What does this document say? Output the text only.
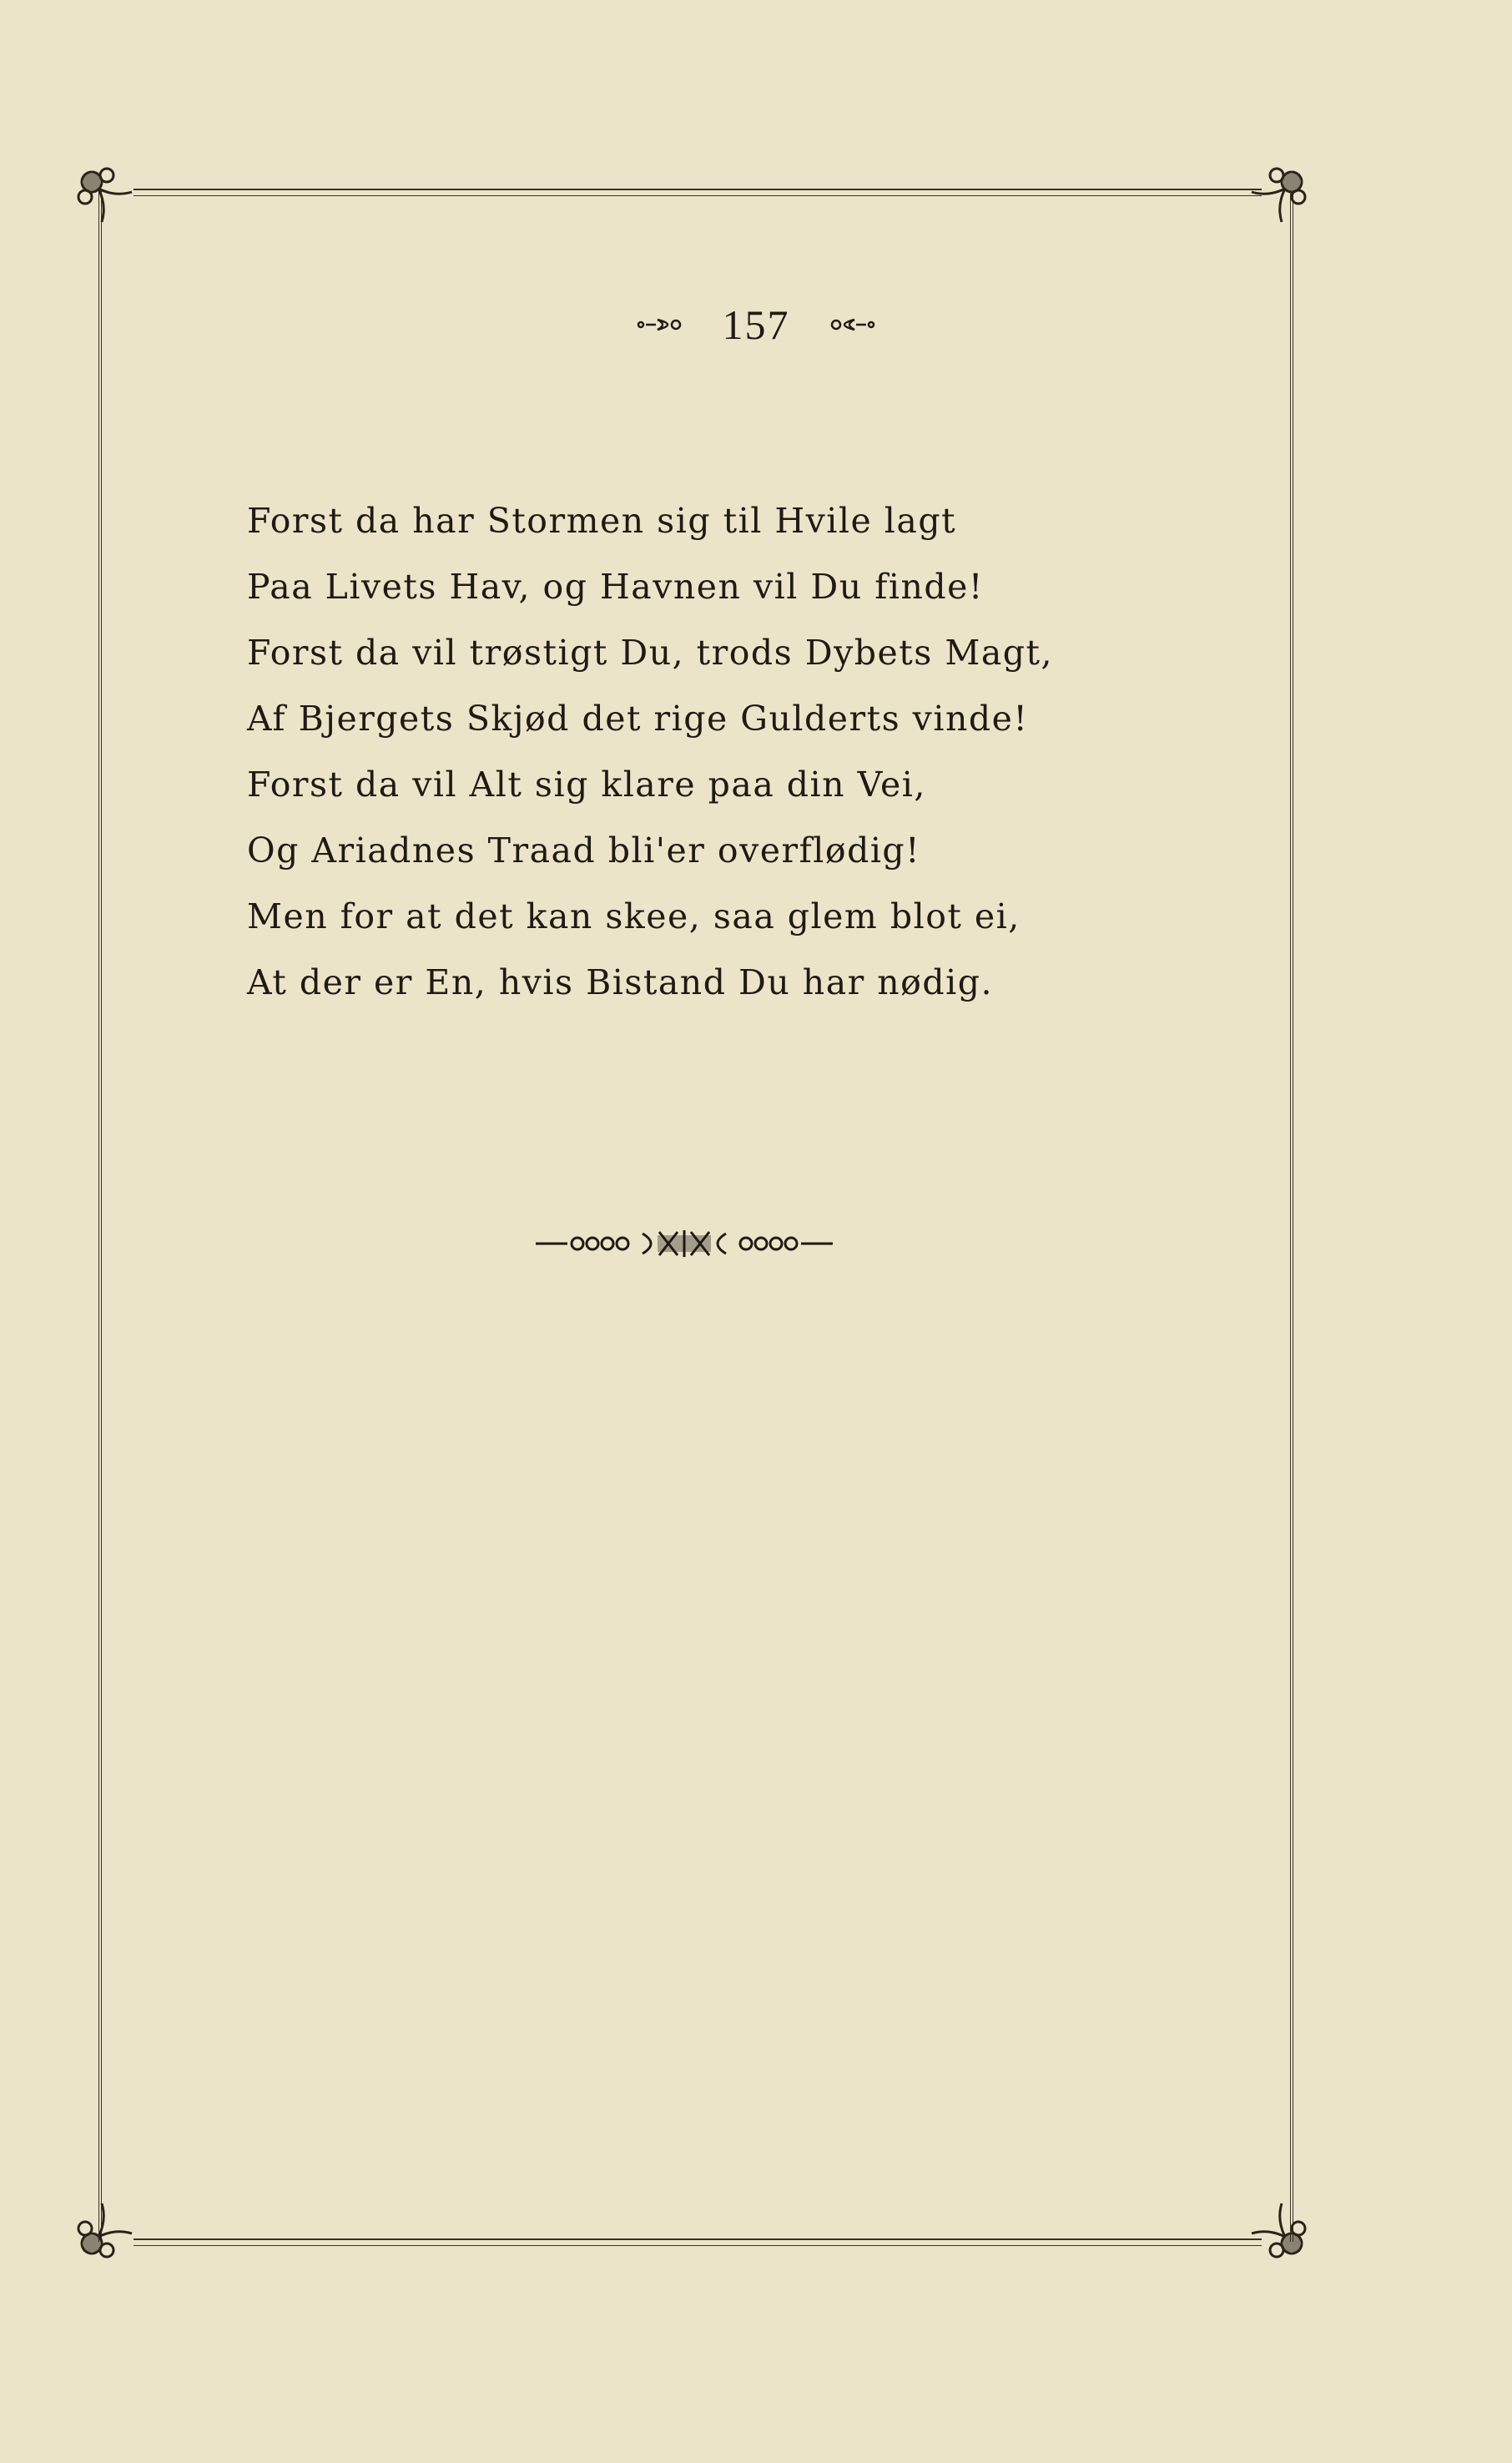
157
Forst da har Stormen sig til Hvile lagt
Paa Livets Hav, og Havnen vil Du finde!
Forst da vil trøstigt Du, trods Dybets Magt,
Af Bjergets Skjød det rige Gulderts vinde!
Forst da vil Alt sig klare paa din Vei,
Og Ariadnes Traad bli'er overflødig!
Men for at det kan skee, saa glem blot ei,
At der er En, hvis Bistand Du har nødig.
